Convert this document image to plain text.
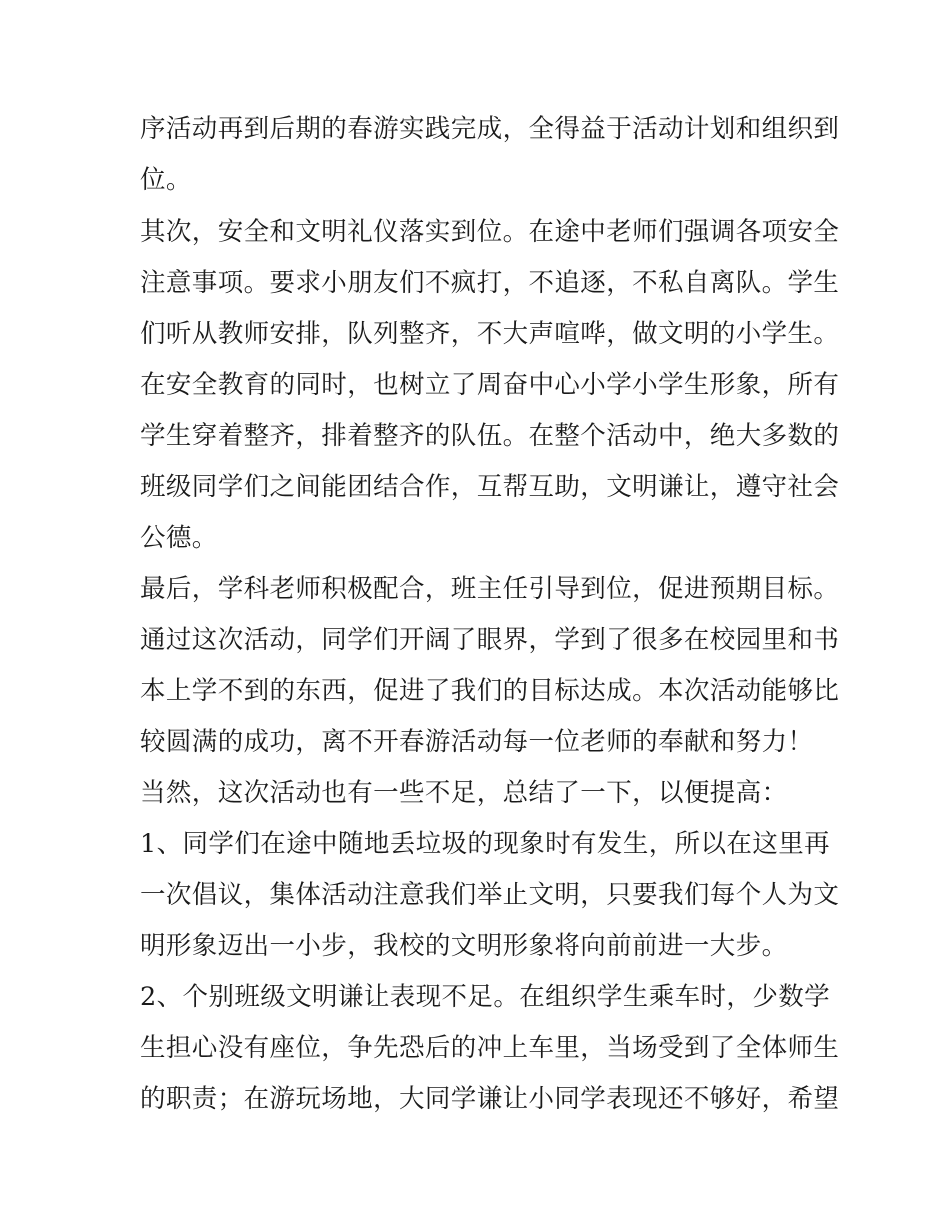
序活动再到后期的春游实践完成，全得益于活动计划和组织到
位。
其次，安全和文明礼仪落实到位。在途中老师们强调各项安全
注意事项。要求小朋友们不疯打，不追逐，不私自离队。学生
们听从教师安排，队列整齐，不大声喧哗，做文明的小学生。
在安全教育的同时，也树立了周奋中心小学小学生形象，所有
学生穿着整齐，排着整齐的队伍。在整个活动中，绝大多数的
班级同学们之间能团结合作，互帮互助，文明谦让，遵守社会
公德。
最后，学科老师积极配合，班主任引导到位，促进预期目标。
通过这次活动，同学们开阔了眼界，学到了很多在校园里和书
本上学不到的东西，促进了我们的目标达成。本次活动能够比
较圆满的成功，离不开春游活动每一位老师的奉献和努力！
当然，这次活动也有一些不足，总结了一下，以便提高：
1、同学们在途中随地丢垃圾的现象时有发生，所以在这里再
一次倡议，集体活动注意我们举止文明，只要我们每个人为文
明形象迈出一小步，我校的文明形象将向前前进一大步。
2、个别班级文明谦让表现不足。在组织学生乘车时，少数学
生担心没有座位，争先恐后的冲上车里，当场受到了全体师生
的职责；在游玩场地，大同学谦让小同学表现还不够好，希望
